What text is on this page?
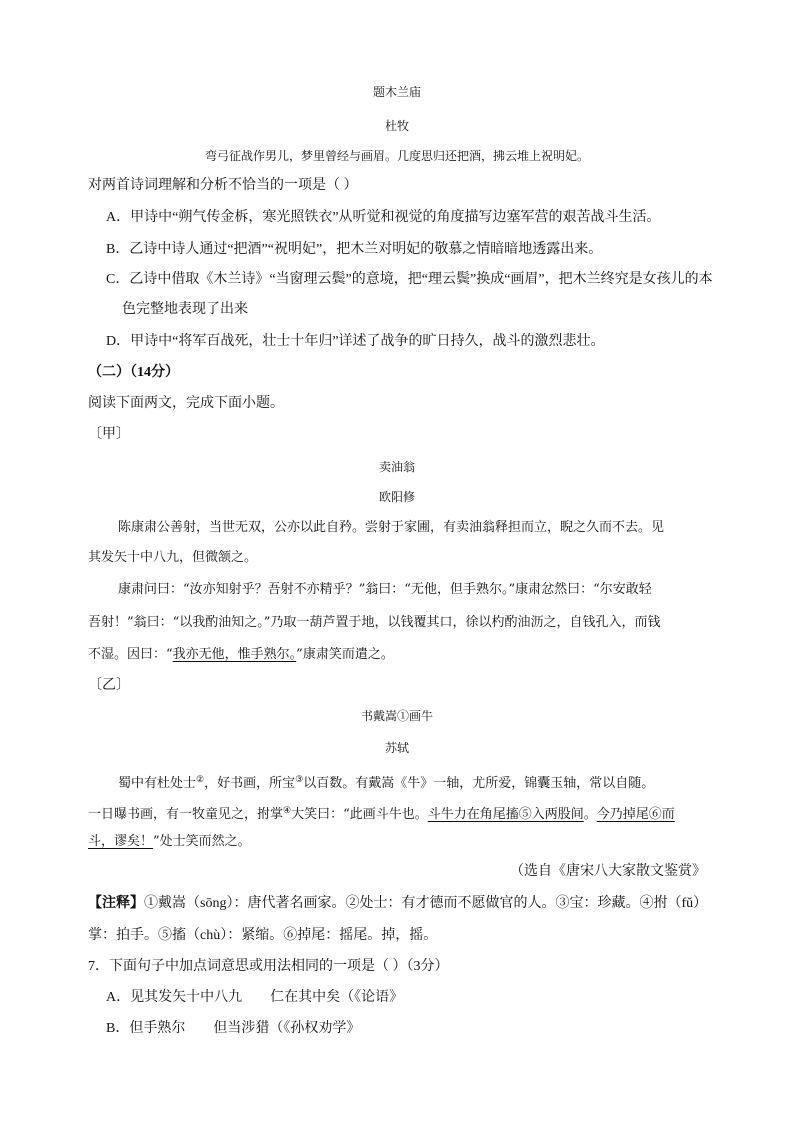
题木兰庙
杜牧
弯弓征战作男儿，梦里曾经与画眉。几度思归还把酒，拂云堆上祝明妃。
对两首诗词理解和分析不恰当的一项是（ ）
A．甲诗中“朔气传金柝，寒光照铁衣”从听觉和视觉的角度描写边塞军营的艰苦战斗生活。
B．乙诗中诗人通过“把酒”“祝明妃”，把木兰对明妃的敬慕之情暗暗地透露出来。
C．乙诗中借取《木兰诗》“当窗理云鬓”的意境，把“理云鬓”换成“画眉”，把木兰终究是女孩儿的本
色完整地表现了出来
D．甲诗中“将军百战死，壮士十年归”详述了战争的旷日持久，战斗的激烈悲壮。
（二）（14分）
阅读下面两文，完成下面小题。
〔甲〕
卖油翁
欧阳修
陈康肃公善射，当世无双，公亦以此自矜。尝射于家圃，有卖油翁释担而立，睨之久而不去。见
其发矢十中八九，但微颔之。
康肃问曰：“汝亦知射乎？吾射不亦精乎？”翁曰：“无他，但手熟尔。”康肃忿然曰：“尔安敢轻
吾射！”翁曰：“以我酌油知之。”乃取一葫芦置于地，以钱覆其口，徐以杓酌油沥之，自钱孔入，而钱
不湿。因曰：“我亦无他，惟手熟尔。”康肃笑而遣之。
〔乙〕
书戴嵩①画牛
苏轼
蜀中有杜处士②，好书画，所宝③以百数。有戴嵩《牛》一轴，尤所爱，锦囊玉轴，常以自随。
一日曝书画，有一牧童见之，拊掌④大笑曰：“此画斗牛也。斗牛力在角尾搐⑤入两股间。今乃掉尾⑥而
斗，谬矣！”处士笑而然之。
（选自《唐宋八大家散文鉴赏》
【注释】①戴嵩（sōng）：唐代著名画家。②处士：有才德而不愿做官的人。③宝：珍藏。④拊（fǔ）
掌：拍手。⑤搐（chù）：紧缩。⑥掉尾：摇尾。掉，摇。
7．下面句子中加点词意思或用法相同的一项是（ ）（3分）
A．见其发矢十中八九        仁在其中矣（《论语》
B．但手熟尔        但当涉猎（《孙权劝学》
